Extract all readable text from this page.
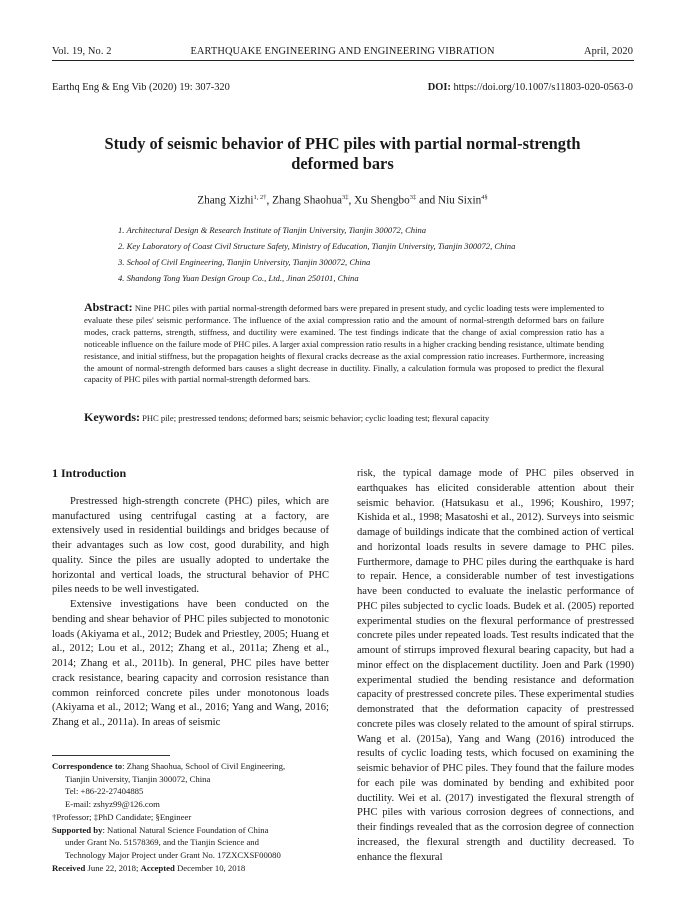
Vol. 19, No. 2	EARTHQUAKE ENGINEERING AND ENGINEERING VIBRATION	April, 2020
Earthq Eng & Eng Vib (2020) 19: 307-320	DOI: https://doi.org/10.1007/s11803-020-0563-0
Study of seismic behavior of PHC piles with partial normal-strength
deformed bars
Zhang Xizhi$^{1, 2\dagger}$, Zhang Shaohua$^{3\ddagger}$, Xu Shengbo$^{3\ddagger}$ and Niu Sixin$^{4\S}$
1. Architectural Design & Research Institute of Tianjin University, Tianjin 300072, China
2. Key Laboratory of Coast Civil Structure Safety, Ministry of Education, Tianjin University, Tianjin 300072, China
3. School of Civil Engineering, Tianjin University, Tianjin 300072, China
4. Shandong Tong Yuan Design Group Co., Ltd., Jinan 250101, China
Abstract: Nine PHC piles with partial normal-strength deformed bars were prepared in present study, and cyclic loading tests were implemented to evaluate these piles' seismic performance. The influence of the axial compression ratio and the amount of normal-strength deformed bars on failure modes, crack patterns, strength, stiffness, and ductility were examined. The test findings indicate that the change of axial compression ratio has a noticeable influence on the failure mode of PHC piles. A larger axial compression ratio results in a higher cracking bending resistance, ultimate bending resistance, and initial stiffness, but the propagation heights of flexural cracks decrease as the axial compression ratio increases. Furthermore, increasing the amount of normal-strength deformed bars causes a slight decrease in ductility. Finally, a calculation formula was proposed to predict the flexural capacity of PHC piles with partial normal-strength deformed bars.
Keywords: PHC pile; prestressed tendons; deformed bars; seismic behavior; cyclic loading test; flexural capacity

1 Introduction

Prestressed high-strength concrete (PHC) piles, which are manufactured using centrifugal casting at a factory, are extensively used in residential buildings and bridges because of their advantages such as low cost, good durability, and high quality. Since the piles are usually adopted to undertake the horizontal and vertical loads, the structural behavior of PHC piles needs to be well investigated.

Extensive investigations have been conducted on the bending and shear behavior of PHC piles subjected to monotonic loads (Akiyama et al., 2012; Budek and Priestley, 2005; Huang et al., 2012; Lou et al., 2012; Zhang et al., 2011a; Zheng et al., 2014; Zhang et al., 2011b). In general, PHC piles have better crack resistance, bearing capacity and corrosion resistance than common reinforced concrete piles under monotonous loads (Akiyama et al., 2012; Wang et al., 2016; Yang and Wang, 2016; Zhang et al., 2011a). In areas of seismic

risk, the typical damage mode of PHC piles observed in earthquakes has elicited considerable attention about their seismic behavior. (Hatsukasu et al., 1996; Koushiro, 1997; Kishida et al., 1998; Masatoshi et al., 2012). Surveys into seismic damage of buildings indicate that the combined action of vertical and horizontal loads results in severe damage to PHC piles. Furthermore, damage to PHC piles during the earthquake is hard to repair. Hence, a considerable number of test investigations have been conducted to evaluate the inelastic performance of PHC piles subjected to cyclic loads. Budek et al. (2005) reported experimental studies on the flexural performance of prestressed concrete piles under repeated loads. Test results indicated that the amount of stirrups improved flexural bearing capacity, but had a minor effect on the displacement ductility. Joen and Park (1990) experimental studied the bending resistance and deformation capacity of prestressed concrete piles. These experimental studies demonstrated that the deformation capacity of prestressed concrete piles was closely related to the amount of spiral stirrups. Wang et al. (2015a), Yang and Wang (2016) introduced the results of cyclic loading tests, which focused on examining the seismic behavior of PHC piles. They found that the failure modes for each pile was dominated by bending and exhibited poor ductility. Wei et al. (2017) investigated the flexural strength of PHC piles with various corrosion degrees of connections, and their findings revealed that as the corrosion degree of connection increased, the flexural strength and ductility decreased. To enhance the flexural

Correspondence to: Zhang Shaohua, School of Civil Engineering,
Tianjin University, Tianjin 300072, China
Tel: +86-22-27404885
E-mail: zshyz99@126.com
†Professor; ‡PhD Candidate; §Engineer
Supported by: National Natural Science Foundation of China
under Grant No. 51578369, and the Tianjin Science and
Technology Major Project under Grant No. 17ZXCXSF00080
Received June 22, 2018; Accepted December 10, 2018
